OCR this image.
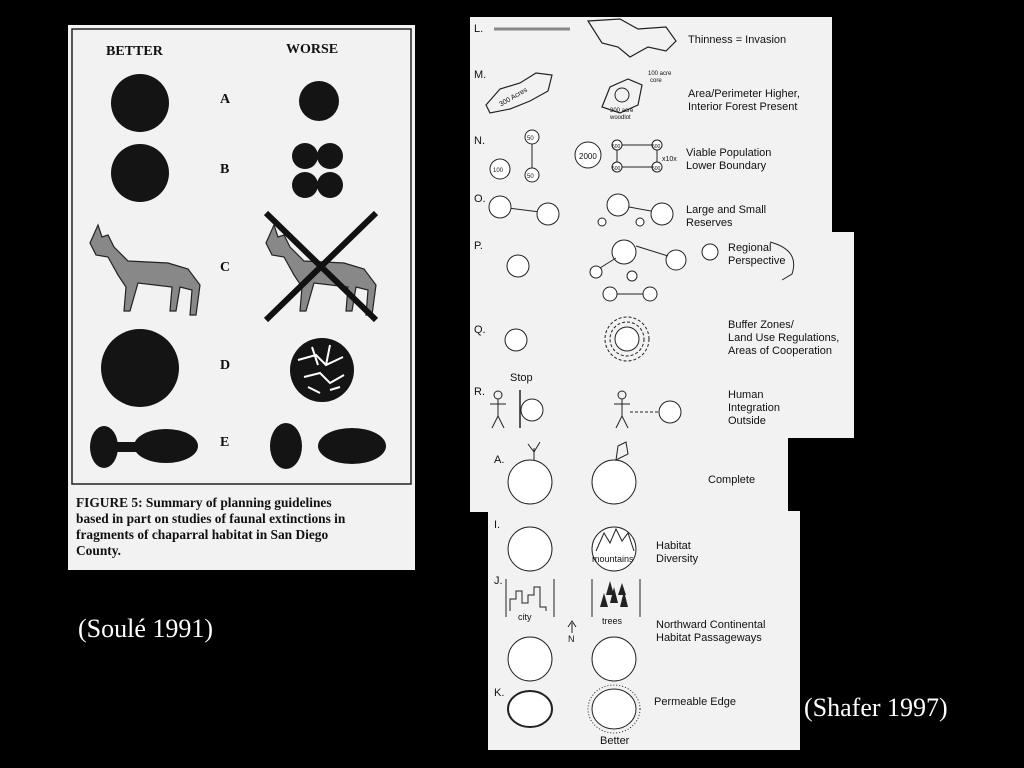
BETTER	WORSE
A
B
C
D
E
FIGURE 5: Summary of planning guidelines
based in part on studies of faunal extinctions in
fragments of chaparral habitat in San Diego
County.
(Soulé 1991)
L.
Thinness = Invasion
M.
300 Acres
100 acre
core
300 acre
woodlot
Area/Perimeter Higher,
Interior Forest Present
N.	50
100
50
2000
500	500
500	500
x10x
Viable Population
Lower Boundary
O.
Large and Small
Reserves
P.	Regional
Perspective
Q.	Buffer Zones/
Land Use Regulations,
Areas of Cooperation
R.
Stop
Human
Integration
Outside
A.
Complete
I.
mountains
Habitat
Diversity
J.
city	trees
N
Northward Continental
Habitat Passageways
K.
Permeable Edge
Better
(Shafer 1997)
